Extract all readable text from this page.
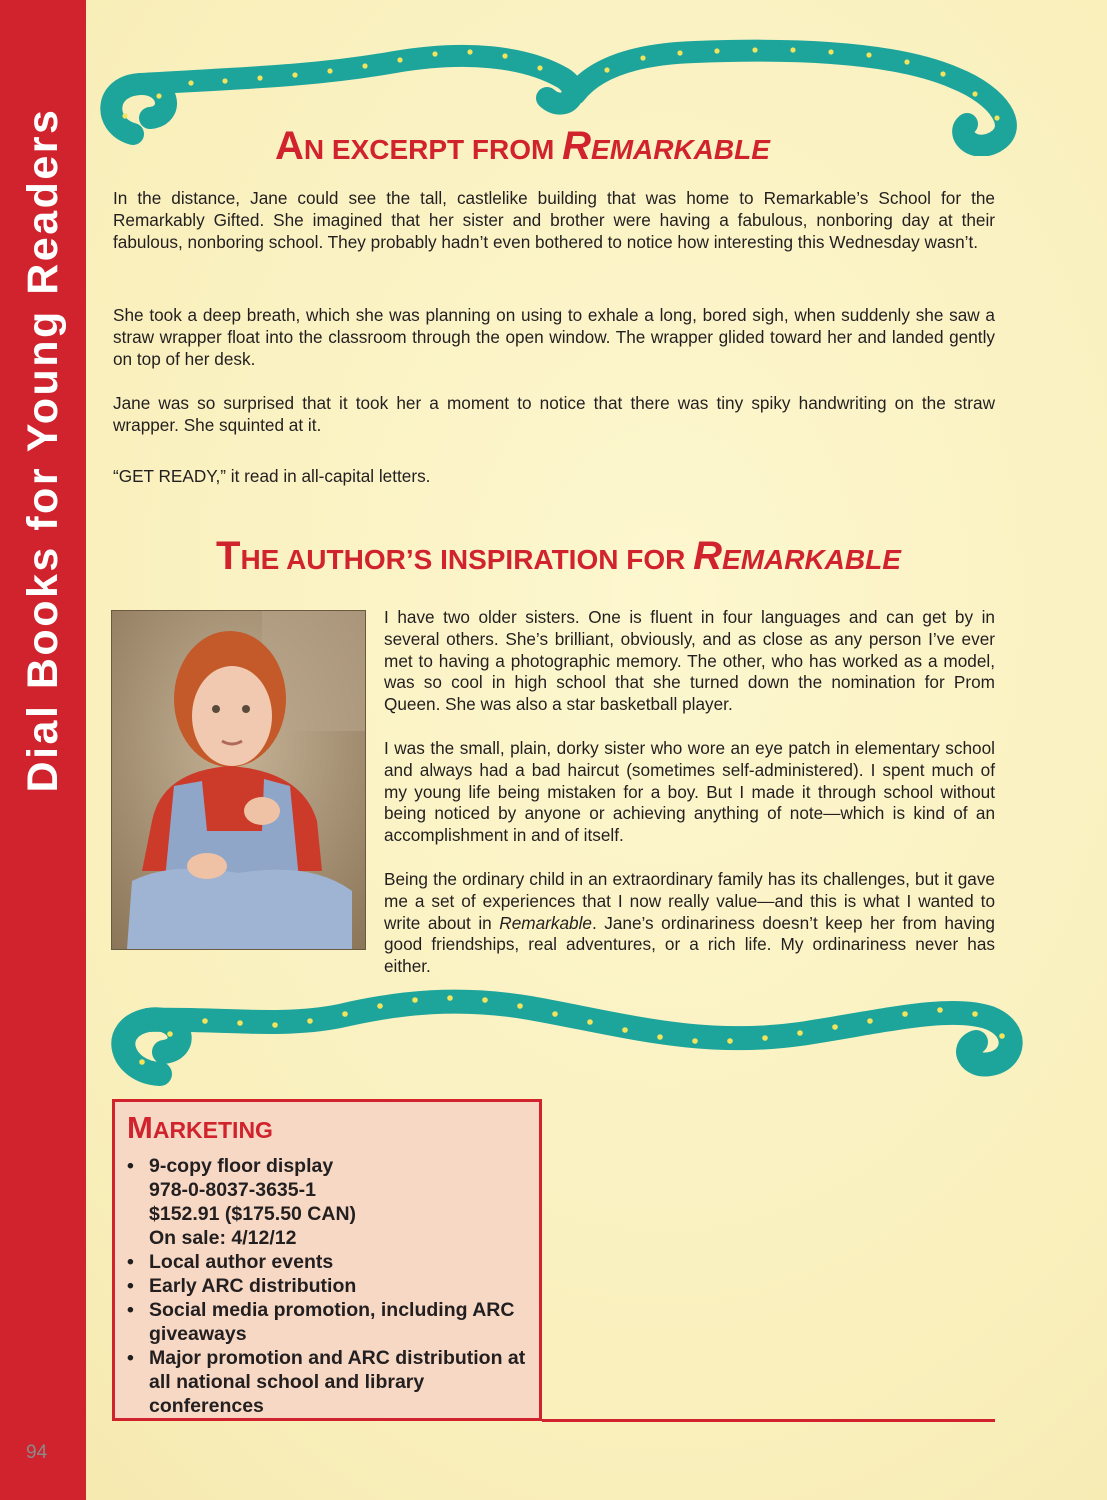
Dial Books for Young Readers
94
AN EXCERPT FROM REMARKABLE

In the distance, Jane could see the tall, castlelike building that was home to Remarkable’s School for the Remarkably Gifted. She imagined that her sister and brother were having a fabulous, nonboring day at their fabulous, nonboring school. They probably hadn’t even bothered to notice how interesting this Wednesday wasn’t.

She took a deep breath, which she was planning on using to exhale a long, bored sigh, when suddenly she saw a straw wrapper float into the classroom through the open window. The wrapper glided toward her and landed gently on top of her desk.

Jane was so surprised that it took her a moment to notice that there was tiny spiky handwriting on the straw wrapper. She squinted at it.

“GET READY,” it read in all-capital letters.

THE AUTHOR’S INSPIRATION FOR REMARKABLE

I have two older sisters. One is fluent in four languages and can get by in several others. She’s brilliant, obviously, and as close as any person I’ve ever met to having a photographic memory. The other, who has worked as a model, was so cool in high school that she turned down the nomination for Prom Queen. She was also a star basketball player.

I was the small, plain, dorky sister who wore an eye patch in elementary school and always had a bad haircut (sometimes self-administered). I spent much of my young life being mistaken for a boy. But I made it through school without being noticed by anyone or achieving anything of note—which is kind of an accomplishment in and of itself.

Being the ordinary child in an extraordinary family has its challenges, but it gave me a set of experiences that I now really value—and this is what I wanted to write about in Remarkable. Jane’s ordinariness doesn’t keep her from having good friendships, real adventures, or a rich life. My ordinariness never has either.

MARKETING
• 9-copy floor display
978-0-8037-3635-1
$152.91 ($175.50 CAN)
On sale: 4/12/12
• Local author events
• Early ARC distribution
• Social media promotion, including ARC giveaways
• Major promotion and ARC distribution at all national school and library conferences
